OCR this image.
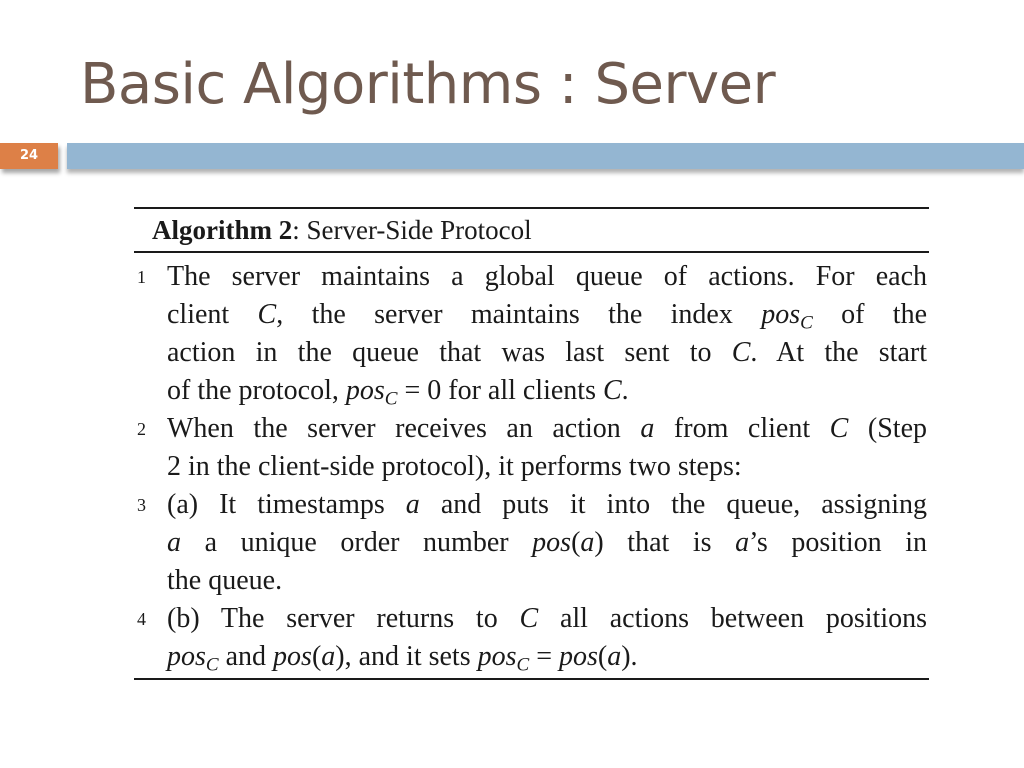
Basic Algorithms : Server
24
Algorithm 2: Server-Side Protocol
1 The server maintains a global queue of actions. For each
client C, the server maintains the index pos$_C$ of the
action in the queue that was last sent to C. At the start
of the protocol, pos$_C$ = 0 for all clients C.
2 When the server receives an action a from client C (Step
2 in the client-side protocol), it performs two steps:
3 (a) It timestamps a and puts it into the queue, assigning
a a unique order number pos(a) that is a’s position in
the queue.
4 (b) The server returns to C all actions between positions
pos$_C$ and pos(a), and it sets pos$_C$ = pos(a).
